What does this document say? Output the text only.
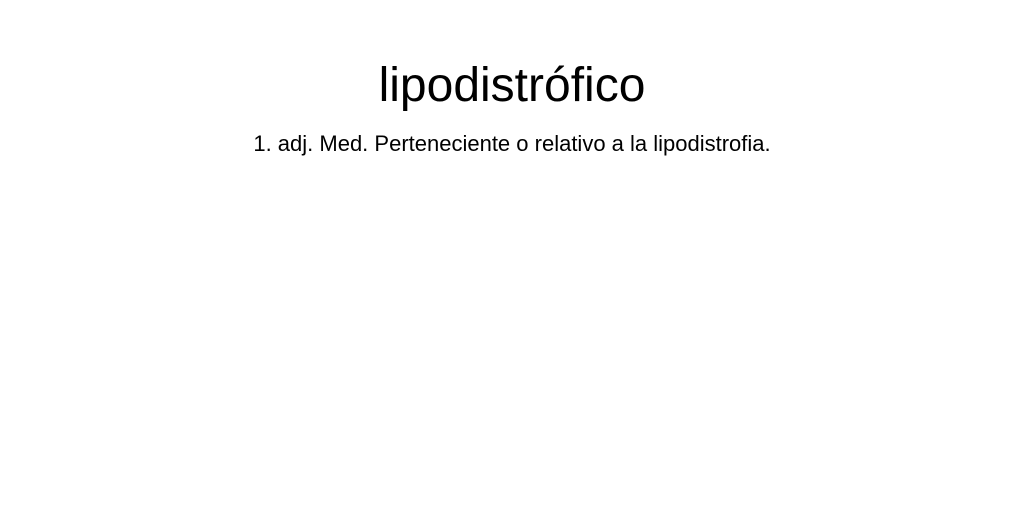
lipodistrófico

1. adj. Med. Perteneciente o relativo a la lipodistrofia.
